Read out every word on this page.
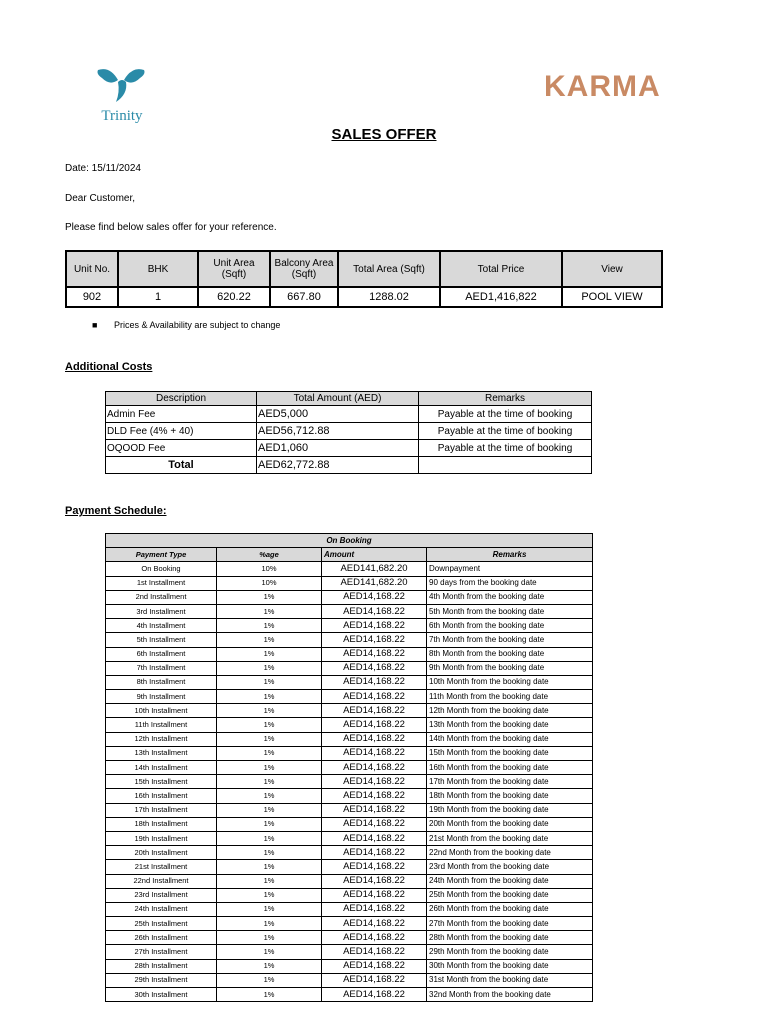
Trinity
KARMA
SALES OFFER
Date: 15/11/2024
Dear Customer,
Please find below sales offer for your reference.
Unit No.	BHK	Unit Area (Sqft)	Balcony Area (Sqft)	Total Area (Sqft)	Total Price	View
902	1	620.22	667.80	1288.02	AED1,416,822	POOL VIEW
■ Prices & Availability are subject to change
Additional Costs
Description	Total Amount (AED)	Remarks
Admin Fee	AED5,000	Payable at the time of booking
DLD Fee (4% + 40)	AED56,712.88	Payable at the time of booking
OQOOD Fee	AED1,060	Payable at the time of booking
Total	AED62,772.88	
Payment Schedule:
On Booking			
Payment Type	%age	Amount	Remarks
On Booking	10%	AED141,682.20	Downpayment
1st Installment	10%	AED141,682.20	90 days from the booking date
2nd Installment	1%	AED14,168.22	4th Month from the booking date
3rd Installment	1%	AED14,168.22	5th Month from the booking date
4th Installment	1%	AED14,168.22	6th Month from the booking date
5th Installment	1%	AED14,168.22	7th Month from the booking date
6th Installment	1%	AED14,168.22	8th Month from the booking date
7th Installment	1%	AED14,168.22	9th Month from the booking date
8th Installment	1%	AED14,168.22	10th Month from the booking date
9th Installment	1%	AED14,168.22	11th Month from the booking date
10th Installment	1%	AED14,168.22	12th Month from the booking date
11th Installment	1%	AED14,168.22	13th Month from the booking date
12th Installment	1%	AED14,168.22	14th Month from the booking date
13th Installment	1%	AED14,168.22	15th Month from the booking date
14th Installment	1%	AED14,168.22	16th Month from the booking date
15th Installment	1%	AED14,168.22	17th Month from the booking date
16th Installment	1%	AED14,168.22	18th Month from the booking date
17th Installment	1%	AED14,168.22	19th Month from the booking date
18th Installment	1%	AED14,168.22	20th Month from the booking date
19th Installment	1%	AED14,168.22	21st Month from the booking date
20th Installment	1%	AED14,168.22	22nd Month from the booking date
21st Installment	1%	AED14,168.22	23rd Month from the booking date
22nd Installment	1%	AED14,168.22	24th Month from the booking date
23rd Installment	1%	AED14,168.22	25th Month from the booking date
24th Installment	1%	AED14,168.22	26th Month from the booking date
25th Installment	1%	AED14,168.22	27th Month from the booking date
26th Installment	1%	AED14,168.22	28th Month from the booking date
27th Installment	1%	AED14,168.22	29th Month from the booking date
28th Installment	1%	AED14,168.22	30th Month from the booking date
29th Installment	1%	AED14,168.22	31st Month from the booking date
30th Installment	1%	AED14,168.22	32nd Month from the booking date
